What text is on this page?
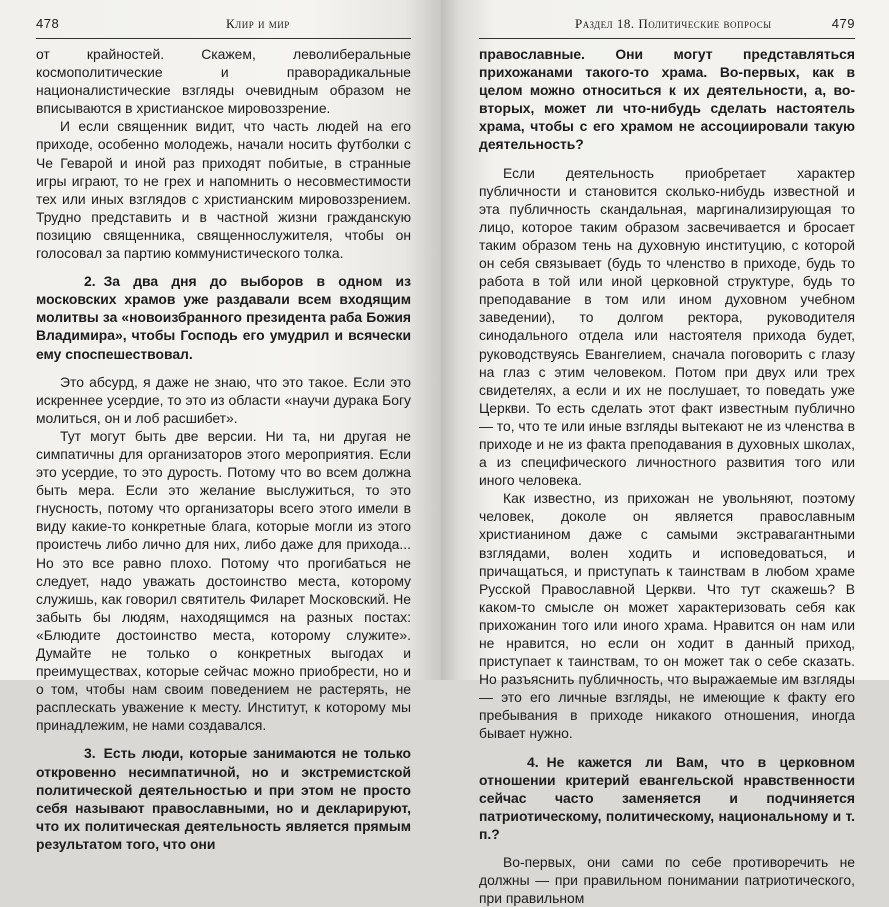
478	Клир и мир

от крайностей. Скажем, леволиберальные космополитические и праворадикальные националистические взгляды очевидным образом не вписываются в христианское мировоззрение.

И если священник видит, что часть людей на его приходе, особенно молодежь, начали носить футболки с Че Геварой и иной раз приходят побитые, в странные игры играют, то не грех и напомнить о несовместимости тех или иных взглядов с христианским мировоззрением. Трудно представить и в частной жизни гражданскую позицию священника, священнослужителя, чтобы он голосовал за партию коммунистического толка.

2. За два дня до выборов в одном из московских храмов уже раздавали всем входящим молитвы за «новоизбранного президента раба Божия Владимира», чтобы Господь его умудрил и всячески ему споспешествовал.

Это абсурд, я даже не знаю, что это такое. Если это искреннее усердие, то это из области «научи дурака Богу молиться, он и лоб расшибет».

Тут могут быть две версии. Ни та, ни другая не симпатичны для организаторов этого мероприятия. Если это усердие, то это дурость. Потому что во всем должна быть мера. Если это желание выслужиться, то это гнусность, потому что организаторы всего этого имели в виду какие-то конкретные блага, которые могли из этого проистечь либо лично для них, либо даже для прихода... Но это все равно плохо. Потому что прогибаться не следует, надо уважать достоинство места, которому служишь, как говорил святитель Филарет Московский. Не забыть бы людям, находящимся на разных постах: «Блюдите достоинство места, которому служите». Думайте не только о конкретных выгодах и преимуществах, которые сейчас можно приобрести, но и о том, чтобы нам своим поведением не растерять, не расплескать уважение к месту. Институт, к которому мы принадлежим, не нами создавался.

3. Есть люди, которые занимаются не только откровенно несимпатичной, но и экстремистской политической деятельностью и при этом не просто себя называют православными, но и декларируют, что их политическая деятельность является прямым результатом того, что они

Раздел 18. Политические вопросы	479

православные. Они могут представляться прихожанами такого-то храма. Во-первых, как в целом можно относиться к их деятельности, а, во-вторых, может ли что-нибудь сделать настоятель храма, чтобы с его храмом не ассоциировали такую деятельность?

Если деятельность приобретает характер публичности и становится сколько-нибудь известной и эта публичность скандальная, маргинализирующая то лицо, которое таким образом засвечивается и бросает таким образом тень на духовную институцию, с которой он себя связывает (будь то членство в приходе, будь то работа в той или иной церковной структуре, будь то преподавание в том или ином духовном учебном заведении), то долгом ректора, руководителя синодального отдела или настоятеля прихода будет, руководствуясь Евангелием, сначала поговорить с глазу на глаз с этим человеком. Потом при двух или трех свидетелях, а если и их не послушает, то поведать уже Церкви. То есть сделать этот факт известным публично — то, что те или иные взгляды вытекают не из членства в приходе и не из факта преподавания в духовных школах, а из специфического личностного развития того или иного человека.

Как известно, из прихожан не увольняют, поэтому человек, доколе он является православным христианином даже с самыми экстравагантными взглядами, волен ходить и исповедоваться, и причащаться, и приступать к таинствам в любом храме Русской Православной Церкви. Что тут скажешь? В каком-то смысле он может характеризовать себя как прихожанин того или иного храма. Нравится он нам или не нравится, но если он ходит в данный приход, приступает к таинствам, то он может так о себе сказать. Но разъяснить публичность, что выражаемые им взгляды — это его личные взгляды, не имеющие к факту его пребывания в приходе никакого отношения, иногда бывает нужно.

4. Не кажется ли Вам, что в церковном отношении критерий евангельской нравственности сейчас часто заменяется и подчиняется патриотическому, политическому, национальному и т. п.?

Во-первых, они сами по себе противоречить не должны — при правильном понимании патриотического, при правильном
